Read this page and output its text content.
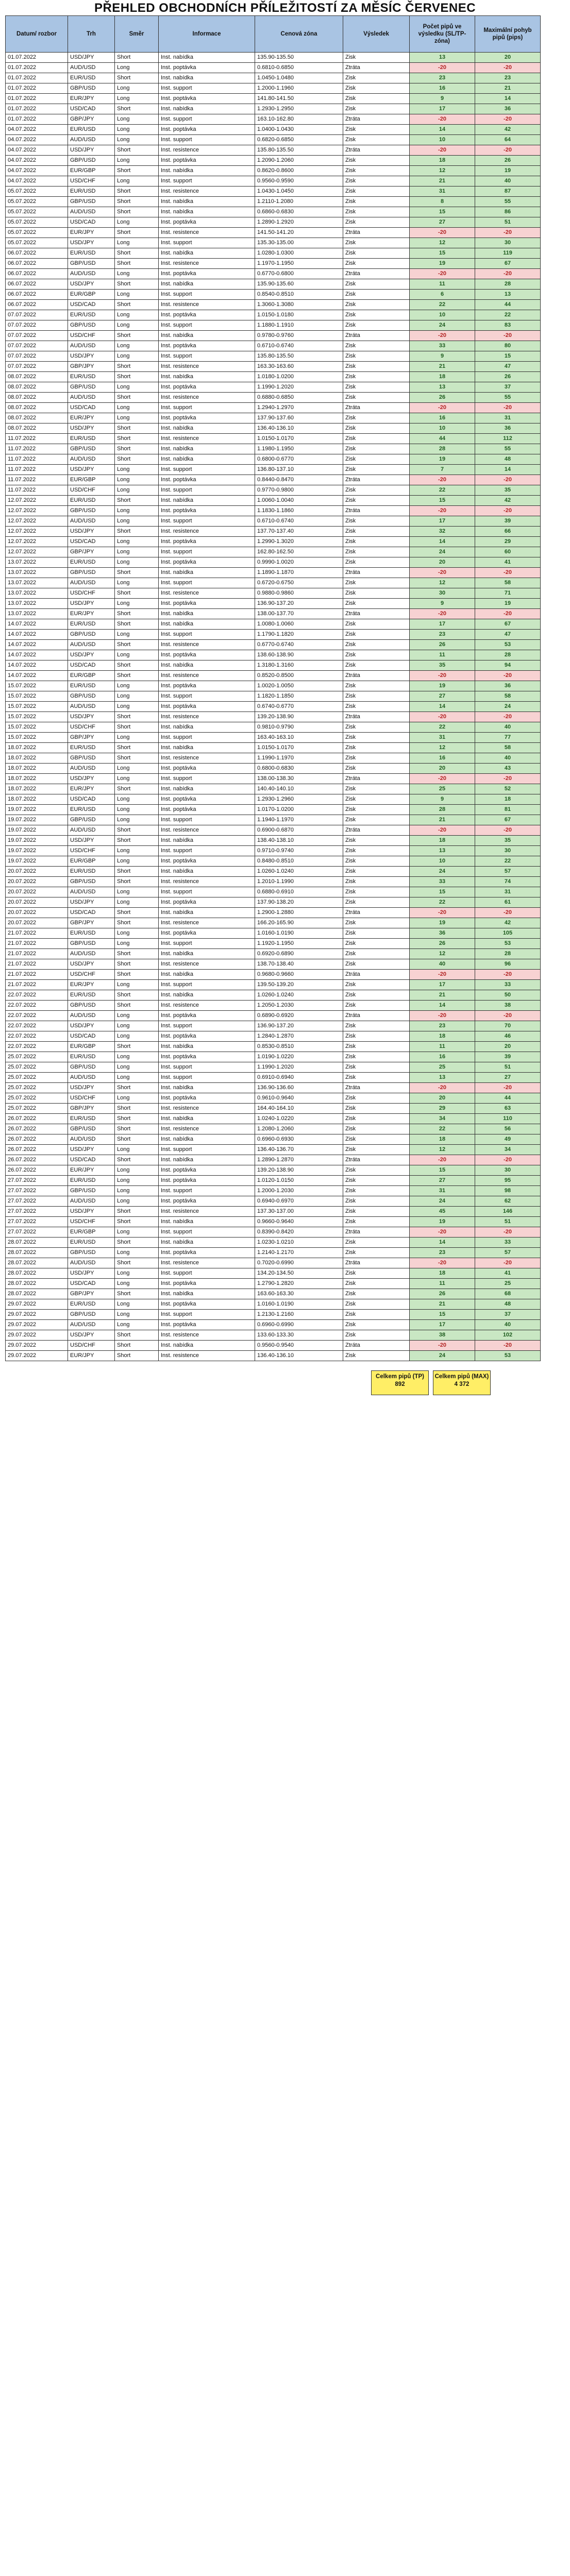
PŘEHLED OBCHODNÍCH PŘÍLEŽITOSTÍ ZA MĚSÍC ČERVENEC
Datum/ rozbor	Trh	Směr	Informace	Cenová zóna	Výsledek	Počet pipů ve výsledku (SL/TP-zóna)	Maximální pohyb pipů (pips)
01.07.2022	USD/JPY	Short	Inst. nabídka	135.90-135.50	Zisk	13	20
01.07.2022	AUD/USD	Long	Inst. poptávka	0.6810-0.6850	Ztráta	-20	-20
01.07.2022	EUR/USD	Short	Inst. nabídka	1.0450-1.0480	Zisk	23	23
01.07.2022	GBP/USD	Long	Inst. support	1.2000-1.1960	Zisk	16	21
01.07.2022	EUR/JPY	Long	Inst. poptávka	141.80-141.50	Zisk	9	14
01.07.2022	USD/CAD	Short	Inst. nabídka	1.2930-1.2950	Zisk	17	36
01.07.2022	GBP/JPY	Long	Inst. support	163.10-162.80	Ztráta	-20	-20
04.07.2022	EUR/USD	Long	Inst. poptávka	1.0400-1.0430	Zisk	14	42
04.07.2022	AUD/USD	Long	Inst. support	0.6820-0.6850	Zisk	10	64
04.07.2022	USD/JPY	Short	Inst. resistence	135.80-135.50	Ztráta	-20	-20
04.07.2022	GBP/USD	Long	Inst. poptávka	1.2090-1.2060	Zisk	18	26
04.07.2022	EUR/GBP	Short	Inst. nabídka	0.8620-0.8600	Zisk	12	19
04.07.2022	USD/CHF	Long	Inst. support	0.9560-0.9590	Zisk	21	40
05.07.2022	EUR/USD	Short	Inst. resistence	1.0430-1.0450	Zisk	31	87
05.07.2022	GBP/USD	Short	Inst. nabídka	1.2110-1.2080	Zisk	8	55
05.07.2022	AUD/USD	Short	Inst. nabídka	0.6860-0.6830	Zisk	15	86
05.07.2022	USD/CAD	Long	Inst. poptávka	1.2890-1.2920	Zisk	27	51
05.07.2022	EUR/JPY	Short	Inst. resistence	141.50-141.20	Ztráta	-20	-20
05.07.2022	USD/JPY	Long	Inst. support	135.30-135.00	Zisk	12	30
06.07.2022	EUR/USD	Short	Inst. nabídka	1.0280-1.0300	Zisk	15	119
06.07.2022	GBP/USD	Short	Inst. resistence	1.1970-1.1950	Zisk	19	67
06.07.2022	AUD/USD	Long	Inst. poptávka	0.6770-0.6800	Ztráta	-20	-20
06.07.2022	USD/JPY	Short	Inst. nabídka	135.90-135.60	Zisk	11	28
06.07.2022	EUR/GBP	Long	Inst. support	0.8540-0.8510	Zisk	6	13
06.07.2022	USD/CAD	Short	Inst. resistence	1.3060-1.3080	Zisk	22	44
07.07.2022	EUR/USD	Long	Inst. poptávka	1.0150-1.0180	Zisk	10	22
07.07.2022	GBP/USD	Long	Inst. support	1.1880-1.1910	Zisk	24	83
07.07.2022	USD/CHF	Short	Inst. nabídka	0.9780-0.9760	Ztráta	-20	-20
07.07.2022	AUD/USD	Long	Inst. poptávka	0.6710-0.6740	Zisk	33	80
07.07.2022	USD/JPY	Long	Inst. support	135.80-135.50	Zisk	9	15
07.07.2022	GBP/JPY	Short	Inst. resistence	163.30-163.60	Zisk	21	47
08.07.2022	EUR/USD	Short	Inst. nabídka	1.0180-1.0200	Zisk	18	26
08.07.2022	GBP/USD	Long	Inst. poptávka	1.1990-1.2020	Zisk	13	37
08.07.2022	AUD/USD	Short	Inst. resistence	0.6880-0.6850	Zisk	26	55
08.07.2022	USD/CAD	Long	Inst. support	1.2940-1.2970	Ztráta	-20	-20
08.07.2022	EUR/JPY	Long	Inst. poptávka	137.90-137.60	Zisk	16	31
08.07.2022	USD/JPY	Short	Inst. nabídka	136.40-136.10	Zisk	10	36
11.07.2022	EUR/USD	Short	Inst. resistence	1.0150-1.0170	Zisk	44	112
11.07.2022	GBP/USD	Short	Inst. nabídka	1.1980-1.1950	Zisk	28	55
11.07.2022	AUD/USD	Short	Inst. nabídka	0.6800-0.6770	Zisk	19	48
11.07.2022	USD/JPY	Long	Inst. support	136.80-137.10	Zisk	7	14
11.07.2022	EUR/GBP	Long	Inst. poptávka	0.8440-0.8470	Ztráta	-20	-20
11.07.2022	USD/CHF	Long	Inst. support	0.9770-0.9800	Zisk	22	35
12.07.2022	EUR/USD	Short	Inst. nabídka	1.0060-1.0040	Zisk	15	42
12.07.2022	GBP/USD	Long	Inst. poptávka	1.1830-1.1860	Ztráta	-20	-20
12.07.2022	AUD/USD	Long	Inst. support	0.6710-0.6740	Zisk	17	39
12.07.2022	USD/JPY	Short	Inst. resistence	137.70-137.40	Zisk	32	66
12.07.2022	USD/CAD	Long	Inst. poptávka	1.2990-1.3020	Zisk	14	29
12.07.2022	GBP/JPY	Long	Inst. support	162.80-162.50	Zisk	24	60
13.07.2022	EUR/USD	Long	Inst. poptávka	0.9990-1.0020	Zisk	20	41
13.07.2022	GBP/USD	Short	Inst. nabídka	1.1890-1.1870	Ztráta	-20	-20
13.07.2022	AUD/USD	Long	Inst. support	0.6720-0.6750	Zisk	12	58
13.07.2022	USD/CHF	Short	Inst. resistence	0.9880-0.9860	Zisk	30	71
13.07.2022	USD/JPY	Long	Inst. poptávka	136.90-137.20	Zisk	9	19
13.07.2022	EUR/JPY	Short	Inst. nabídka	138.00-137.70	Ztráta	-20	-20
14.07.2022	EUR/USD	Short	Inst. nabídka	1.0080-1.0060	Zisk	17	67
14.07.2022	GBP/USD	Long	Inst. support	1.1790-1.1820	Zisk	23	47
14.07.2022	AUD/USD	Short	Inst. resistence	0.6770-0.6740	Zisk	26	53
14.07.2022	USD/JPY	Long	Inst. poptávka	138.60-138.90	Zisk	11	28
14.07.2022	USD/CAD	Short	Inst. nabídka	1.3180-1.3160	Zisk	35	94
14.07.2022	EUR/GBP	Short	Inst. resistence	0.8520-0.8500	Ztráta	-20	-20
15.07.2022	EUR/USD	Long	Inst. poptávka	1.0020-1.0050	Zisk	19	36
15.07.2022	GBP/USD	Long	Inst. support	1.1820-1.1850	Zisk	27	58
15.07.2022	AUD/USD	Long	Inst. poptávka	0.6740-0.6770	Zisk	14	24
15.07.2022	USD/JPY	Short	Inst. resistence	139.20-138.90	Ztráta	-20	-20
15.07.2022	USD/CHF	Short	Inst. nabídka	0.9810-0.9790	Zisk	22	40
15.07.2022	GBP/JPY	Long	Inst. support	163.40-163.10	Zisk	31	77
18.07.2022	EUR/USD	Short	Inst. nabídka	1.0150-1.0170	Zisk	12	58
18.07.2022	GBP/USD	Short	Inst. resistence	1.1990-1.1970	Zisk	16	40
18.07.2022	AUD/USD	Long	Inst. poptávka	0.6800-0.6830	Zisk	20	43
18.07.2022	USD/JPY	Long	Inst. support	138.00-138.30	Ztráta	-20	-20
18.07.2022	EUR/JPY	Short	Inst. nabídka	140.40-140.10	Zisk	25	52
18.07.2022	USD/CAD	Long	Inst. poptávka	1.2930-1.2960	Zisk	9	18
19.07.2022	EUR/USD	Long	Inst. poptávka	1.0170-1.0200	Zisk	28	81
19.07.2022	GBP/USD	Long	Inst. support	1.1940-1.1970	Zisk	21	67
19.07.2022	AUD/USD	Short	Inst. resistence	0.6900-0.6870	Ztráta	-20	-20
19.07.2022	USD/JPY	Short	Inst. nabídka	138.40-138.10	Zisk	18	35
19.07.2022	USD/CHF	Long	Inst. support	0.9710-0.9740	Zisk	13	30
19.07.2022	EUR/GBP	Long	Inst. poptávka	0.8480-0.8510	Zisk	10	22
20.07.2022	EUR/USD	Short	Inst. nabídka	1.0260-1.0240	Zisk	24	57
20.07.2022	GBP/USD	Short	Inst. resistence	1.2010-1.1990	Zisk	33	74
20.07.2022	AUD/USD	Long	Inst. support	0.6880-0.6910	Zisk	15	31
20.07.2022	USD/JPY	Long	Inst. poptávka	137.90-138.20	Zisk	22	61
20.07.2022	USD/CAD	Short	Inst. nabídka	1.2900-1.2880	Ztráta	-20	-20
20.07.2022	GBP/JPY	Short	Inst. resistence	166.20-165.90	Zisk	19	42
21.07.2022	EUR/USD	Long	Inst. poptávka	1.0160-1.0190	Zisk	36	105
21.07.2022	GBP/USD	Long	Inst. support	1.1920-1.1950	Zisk	26	53
21.07.2022	AUD/USD	Short	Inst. nabídka	0.6920-0.6890	Zisk	12	28
21.07.2022	USD/JPY	Short	Inst. resistence	138.70-138.40	Zisk	40	96
21.07.2022	USD/CHF	Short	Inst. nabídka	0.9680-0.9660	Ztráta	-20	-20
21.07.2022	EUR/JPY	Long	Inst. support	139.50-139.20	Zisk	17	33
22.07.2022	EUR/USD	Short	Inst. nabídka	1.0260-1.0240	Zisk	21	50
22.07.2022	GBP/USD	Short	Inst. resistence	1.2050-1.2030	Zisk	14	38
22.07.2022	AUD/USD	Long	Inst. poptávka	0.6890-0.6920	Ztráta	-20	-20
22.07.2022	USD/JPY	Long	Inst. support	136.90-137.20	Zisk	23	70
22.07.2022	USD/CAD	Long	Inst. poptávka	1.2840-1.2870	Zisk	18	46
22.07.2022	EUR/GBP	Short	Inst. nabídka	0.8530-0.8510	Zisk	11	20
25.07.2022	EUR/USD	Long	Inst. poptávka	1.0190-1.0220	Zisk	16	39
25.07.2022	GBP/USD	Long	Inst. support	1.1990-1.2020	Zisk	25	51
25.07.2022	AUD/USD	Long	Inst. support	0.6910-0.6940	Zisk	13	27
25.07.2022	USD/JPY	Short	Inst. nabídka	136.90-136.60	Ztráta	-20	-20
25.07.2022	USD/CHF	Long	Inst. poptávka	0.9610-0.9640	Zisk	20	44
25.07.2022	GBP/JPY	Short	Inst. resistence	164.40-164.10	Zisk	29	63
26.07.2022	EUR/USD	Short	Inst. nabídka	1.0240-1.0220	Zisk	34	110
26.07.2022	GBP/USD	Short	Inst. resistence	1.2080-1.2060	Zisk	22	56
26.07.2022	AUD/USD	Short	Inst. nabídka	0.6960-0.6930	Zisk	18	49
26.07.2022	USD/JPY	Long	Inst. support	136.40-136.70	Zisk	12	34
26.07.2022	USD/CAD	Short	Inst. nabídka	1.2890-1.2870	Ztráta	-20	-20
26.07.2022	EUR/JPY	Long	Inst. poptávka	139.20-138.90	Zisk	15	30
27.07.2022	EUR/USD	Long	Inst. poptávka	1.0120-1.0150	Zisk	27	95
27.07.2022	GBP/USD	Long	Inst. support	1.2000-1.2030	Zisk	31	98
27.07.2022	AUD/USD	Long	Inst. poptávka	0.6940-0.6970	Zisk	24	62
27.07.2022	USD/JPY	Short	Inst. resistence	137.30-137.00	Zisk	45	146
27.07.2022	USD/CHF	Short	Inst. nabídka	0.9660-0.9640	Zisk	19	51
27.07.2022	EUR/GBP	Long	Inst. support	0.8390-0.8420	Ztráta	-20	-20
28.07.2022	EUR/USD	Short	Inst. nabídka	1.0230-1.0210	Zisk	14	33
28.07.2022	GBP/USD	Long	Inst. poptávka	1.2140-1.2170	Zisk	23	57
28.07.2022	AUD/USD	Short	Inst. resistence	0.7020-0.6990	Ztráta	-20	-20
28.07.2022	USD/JPY	Long	Inst. support	134.20-134.50	Zisk	18	41
28.07.2022	USD/CAD	Long	Inst. poptávka	1.2790-1.2820	Zisk	11	25
28.07.2022	GBP/JPY	Short	Inst. nabídka	163.60-163.30	Zisk	26	68
29.07.2022	EUR/USD	Long	Inst. poptávka	1.0160-1.0190	Zisk	21	48
29.07.2022	GBP/USD	Long	Inst. support	1.2130-1.2160	Zisk	15	37
29.07.2022	AUD/USD	Long	Inst. poptávka	0.6960-0.6990	Zisk	17	40
29.07.2022	USD/JPY	Short	Inst. resistence	133.60-133.30	Zisk	38	102
29.07.2022	USD/CHF	Short	Inst. nabídka	0.9560-0.9540	Ztráta	-20	-20
29.07.2022	EUR/JPY	Short	Inst. resistence	136.40-136.10	Zisk	24	53
Celkem pipů (TP)
892
Celkem pipů (MAX)
4 372
